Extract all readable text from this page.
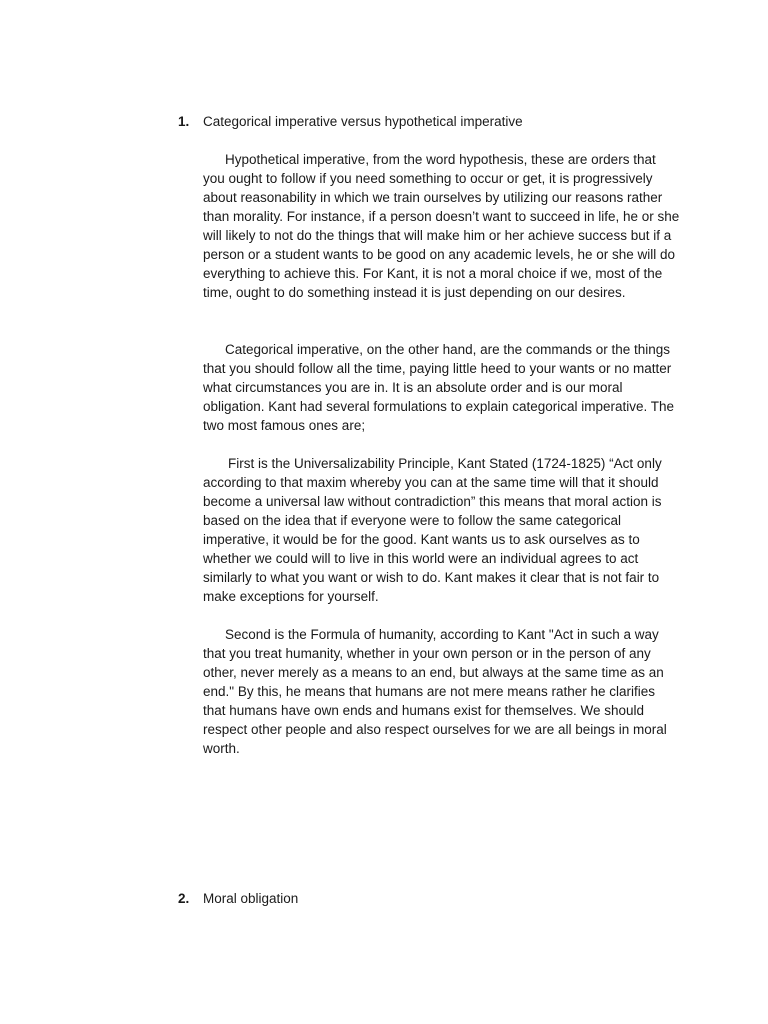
1. Categorical imperative versus hypothetical imperative

Hypothetical imperative, from the word hypothesis, these are orders that you ought to follow if you need something to occur or get, it is progressively about reasonability in which we train ourselves by utilizing our reasons rather than morality. For instance, if a person doesn’t want to succeed in life, he or she will likely to not do the things that will make him or her achieve success but if a person or a student wants to be good on any academic levels, he or she will do everything to achieve this. For Kant, it is not a moral choice if we, most of the time, ought to do something instead it is just depending on our desires.

Categorical imperative, on the other hand, are the commands or the things that you should follow all the time, paying little heed to your wants or no matter what circumstances you are in. It is an absolute order and is our moral obligation. Kant had several formulations to explain categorical imperative. The two most famous ones are;

First is the Universalizability Principle, Kant Stated (1724-1825) “Act only according to that maxim whereby you can at the same time will that it should become a universal law without contradiction” this means that moral action is based on the idea that if everyone were to follow the same categorical imperative, it would be for the good. Kant wants us to ask ourselves as to whether we could will to live in this world were an individual agrees to act similarly to what you want or wish to do. Kant makes it clear that is not fair to make exceptions for yourself.

Second is the Formula of humanity, according to Kant "Act in such a way that you treat humanity, whether in your own person or in the person of any other, never merely as a means to an end, but always at the same time as an end." By this, he means that humans are not mere means rather he clarifies that humans have own ends and humans exist for themselves. We should respect other people and also respect ourselves for we are all beings in moral worth.

2. Moral obligation
